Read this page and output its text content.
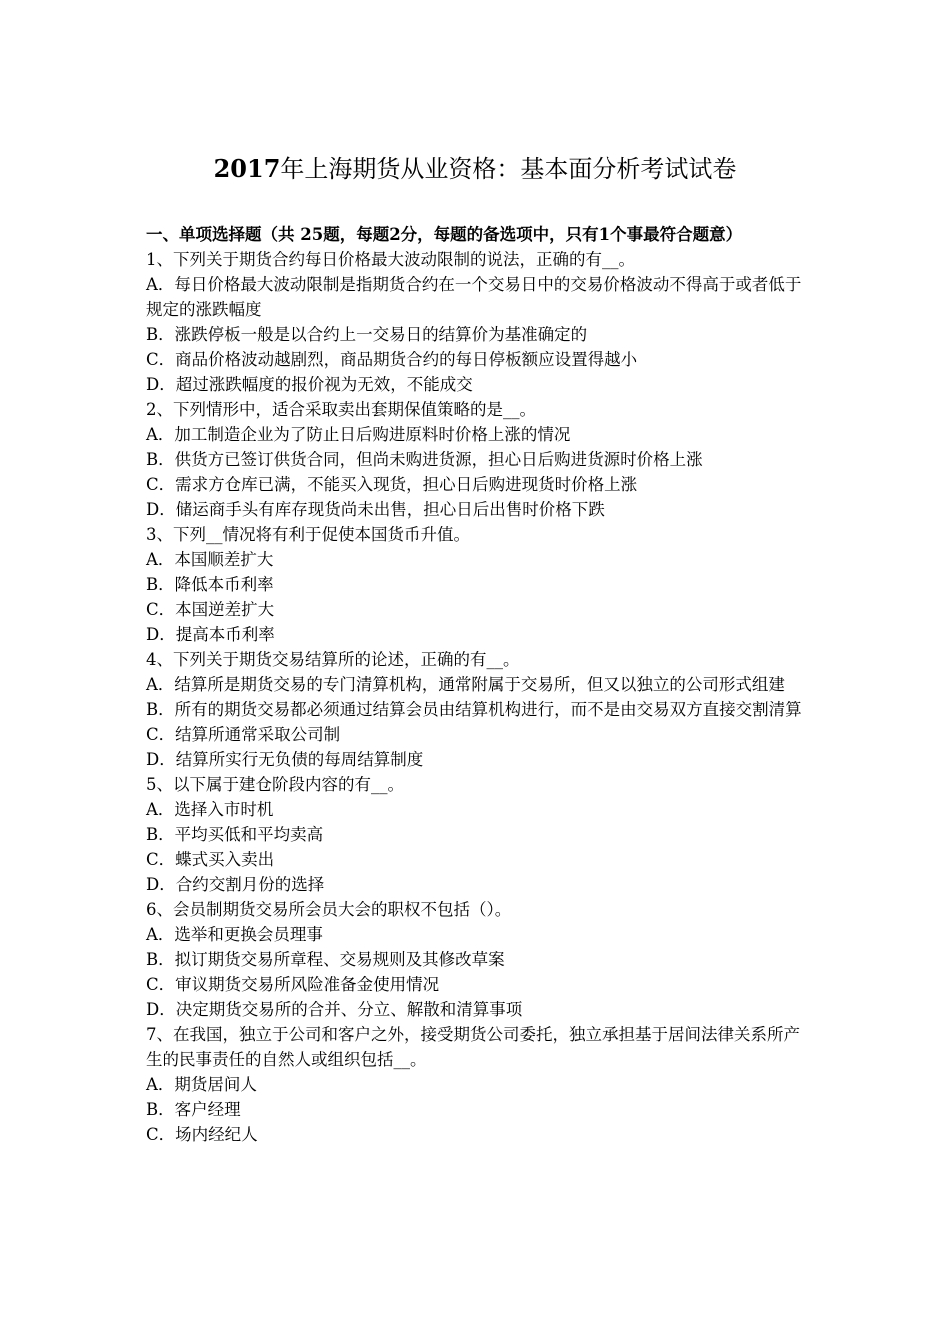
2017年上海期货从业资格：基本面分析考试试卷

一、单项选择题（共 25题，每题2分，每题的备选项中，只有1个事最符合题意）

1、下列关于期货合约每日价格最大波动限制的说法，正确的有__。
A．每日价格最大波动限制是指期货合约在一个交易日中的交易价格波动不得高于或者低于规定的涨跌幅度
B．涨跌停板一般是以合约上一交易日的结算价为基准确定的
C．商品价格波动越剧烈，商品期货合约的每日停板额应设置得越小
D．超过涨跌幅度的报价视为无效，不能成交
2、下列情形中，适合采取卖出套期保值策略的是__。
A．加工制造企业为了防止日后购进原料时价格上涨的情况
B．供货方已签订供货合同，但尚未购进货源，担心日后购进货源时价格上涨
C．需求方仓库已满，不能买入现货，担心日后购进现货时价格上涨
D．储运商手头有库存现货尚未出售，担心日后出售时价格下跌
3、下列__情况将有利于促使本国货币升值。
A．本国顺差扩大
B．降低本币利率
C．本国逆差扩大
D．提高本币利率
4、下列关于期货交易结算所的论述，正确的有__。
A．结算所是期货交易的专门清算机构，通常附属于交易所，但又以独立的公司形式组建
B．所有的期货交易都必须通过结算会员由结算机构进行，而不是由交易双方直接交割清算
C．结算所通常采取公司制
D．结算所实行无负债的每周结算制度
5、以下属于建仓阶段内容的有__。
A．选择入市时机
B．平均买低和平均卖高
C．蝶式买入卖出
D．合约交割月份的选择
6、会员制期货交易所会员大会的职权不包括（）。
A．选举和更换会员理事
B．拟订期货交易所章程、交易规则及其修改草案
C．审议期货交易所风险准备金使用情况
D．决定期货交易所的合并、分立、解散和清算事项
7、在我国，独立于公司和客户之外，接受期货公司委托，独立承担基于居间法律关系所产生的民事责任的自然人或组织包括__。
A．期货居间人
B．客户经理
C．场内经纪人
